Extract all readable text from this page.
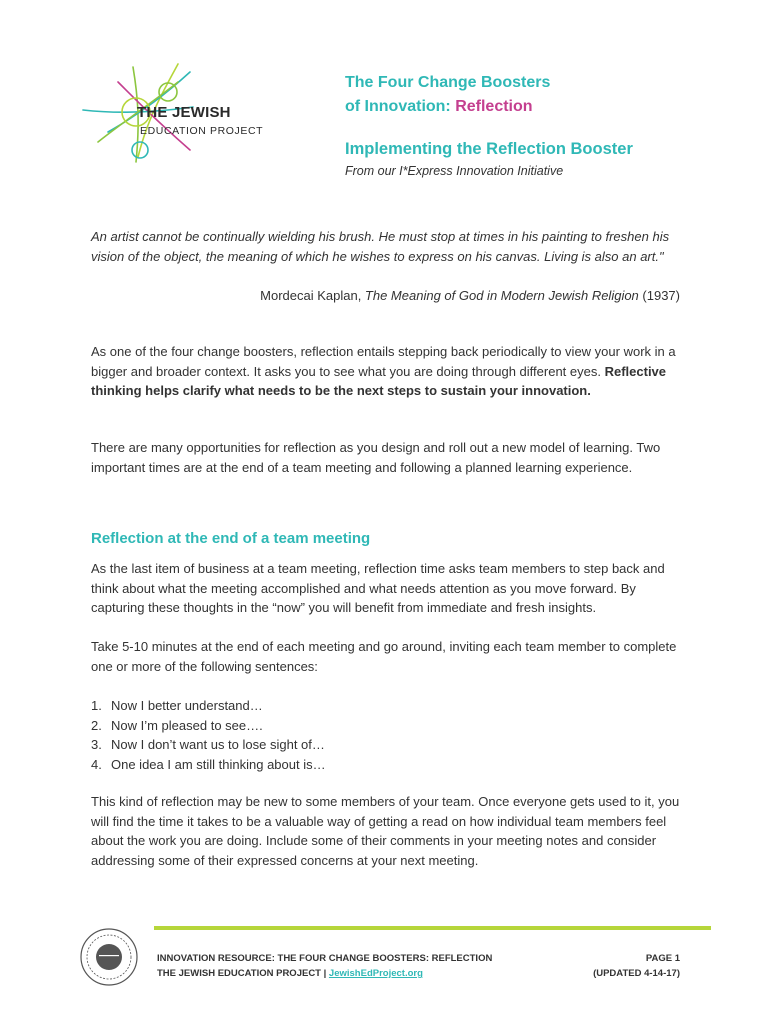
THE JEWISH
EDUCATION PROJECT
The Four Change Boosters
of Innovation: Reflection
Implementing the Reflection Booster
From our I*Express Innovation Initiative
An artist cannot be continually wielding his brush. He must stop at times in his painting to freshen his vision of the object, the meaning of which he wishes to express on his canvas. Living is also an art."
Mordecai Kaplan, The Meaning of God in Modern Jewish Religion (1937)

As one of the four change boosters, reflection entails stepping back periodically to view your work in a bigger and broader context. It asks you to see what you are doing through different eyes. Reflective thinking helps clarify what needs to be the next steps to sustain your innovation.

There are many opportunities for reflection as you design and roll out a new model of learning. Two important times are at the end of a team meeting and following a planned learning experience.

Reflection at the end of a team meeting

As the last item of business at a team meeting, reflection time asks team members to step back and think about what the meeting accomplished and what needs attention as you move forward. By capturing these thoughts in the “now” you will benefit from immediate and fresh insights.

Take 5-10 minutes at the end of each meeting and go around, inviting each team member to complete one or more of the following sentences:

1. Now I better understand…
2. Now I’m pleased to see….
3. Now I don’t want us to lose sight of…
4. One idea I am still thinking about is…

This kind of reflection may be new to some members of your team. Once everyone gets used to it, you will find the time it takes to be a valuable way of getting a read on how individual team members feel about the work you are doing. Include some of their comments in your meeting notes and consider addressing some of their expressed concerns at your next meeting.

INNOVATION RESOURCE: THE FOUR CHANGE BOOSTERS: REFLECTION
THE JEWISH EDUCATION PROJECT | JewishEdProject.org
PAGE 1
(UPDATED 4-14-17)
